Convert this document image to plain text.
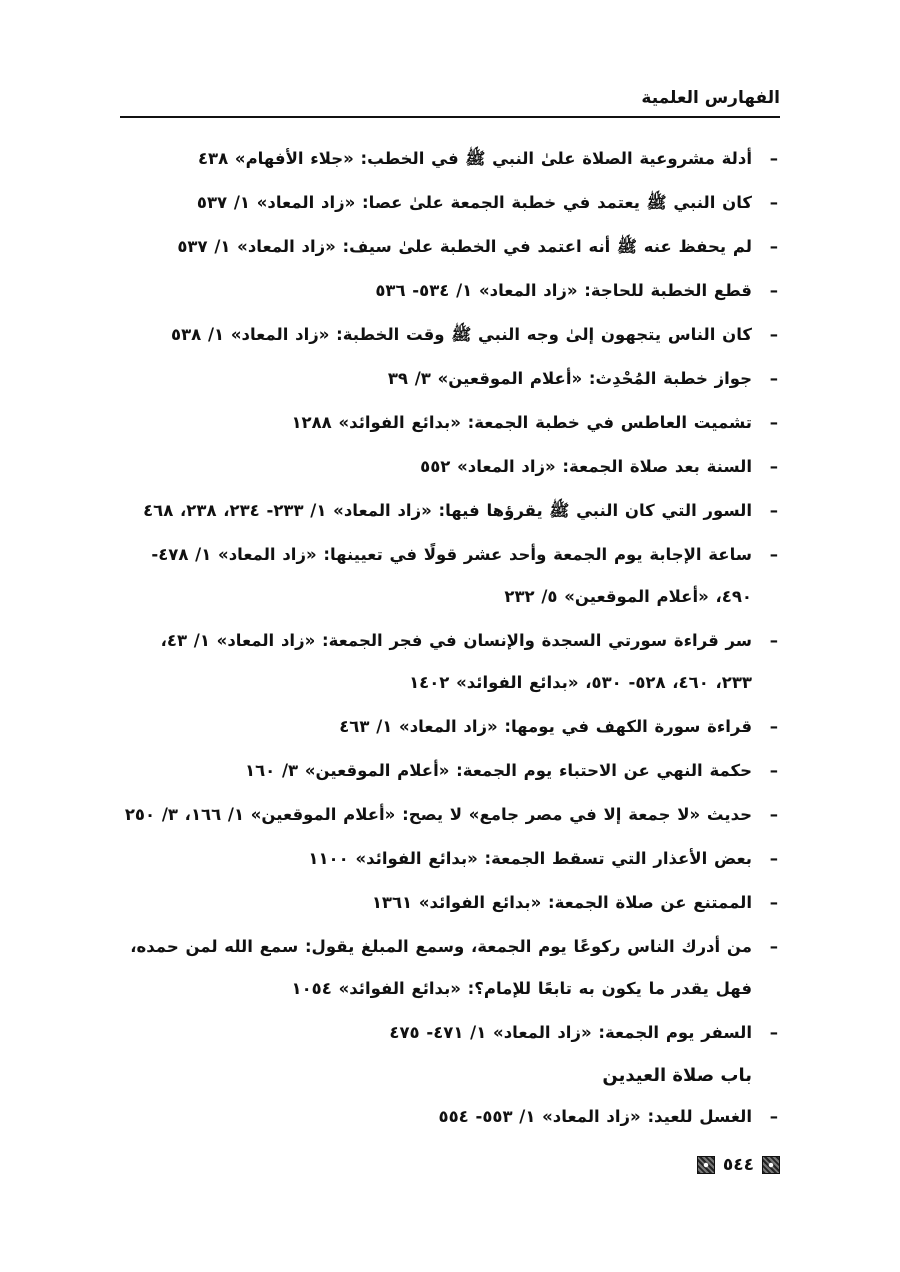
الفهارس العلمية
–
أدلة مشروعية الصلاة علىٰ النبي ﷺ في الخطب: «جلاء الأفهام» ٤٣٨
–
كان النبي ﷺ يعتمد في خطبة الجمعة علىٰ عصا: «زاد المعاد» ١/ ٥٣٧
–
لم يحفظ عنه ﷺ أنه اعتمد في الخطبة علىٰ سيف: «زاد المعاد» ١/ ٥٣٧
–
قطع الخطبة للحاجة: «زاد المعاد» ١/ ٥٣٤- ٥٣٦
–
كان الناس يتجهون إلىٰ وجه النبي ﷺ وقت الخطبة: «زاد المعاد» ١/ ٥٣٨
–
جواز خطبة المُحْدِث: «أعلام الموقعين» ٣/ ٣٩
–
تشميت العاطس في خطبة الجمعة: «بدائع الفوائد» ١٢٨٨
–
السنة بعد صلاة الجمعة: «زاد المعاد» ٥٥٢
–
السور التي كان النبي ﷺ يقرؤها فيها: «زاد المعاد» ١/ ٢٣٣- ٢٣٤، ٢٣٨، ٤٦٨
–
ساعة الإجابة يوم الجمعة وأحد عشر قولًا في تعيينها: «زاد المعاد» ١/ ٤٧٨- ٤٩٠، «أعلام الموقعين» ٥/ ٢٣٢
–
سر قراءة سورتي السجدة والإنسان في فجر الجمعة: «زاد المعاد» ١/ ٤٣، ٢٣٣، ٤٦٠، ٥٢٨- ٥٣٠، «بدائع الفوائد» ١٤٠٢
–
قراءة سورة الكهف في يومها: «زاد المعاد» ١/ ٤٦٣
–
حكمة النهي عن الاحتباء يوم الجمعة: «أعلام الموقعين» ٣/ ١٦٠
–
حديث «لا جمعة إلا في مصر جامع» لا يصح: «أعلام الموقعين» ١/ ١٦٦، ٣/ ٢٥٠
–
بعض الأعذار التي تسقط الجمعة: «بدائع الفوائد» ١١٠٠
–
الممتنع عن صلاة الجمعة: «بدائع الفوائد» ١٣٦١
–
من أدرك الناس ركوعًا يوم الجمعة، وسمع المبلغ يقول: سمع الله لمن حمده، فهل يقدر ما يكون به تابعًا للإمام؟: «بدائع الفوائد» ١٠٥٤
–
السفر يوم الجمعة: «زاد المعاد» ١/ ٤٧١- ٤٧٥
باب صلاة العيدين
–
الغسل للعيد: «زاد المعاد» ١/ ٥٥٣- ٥٥٤
٥٤٤
